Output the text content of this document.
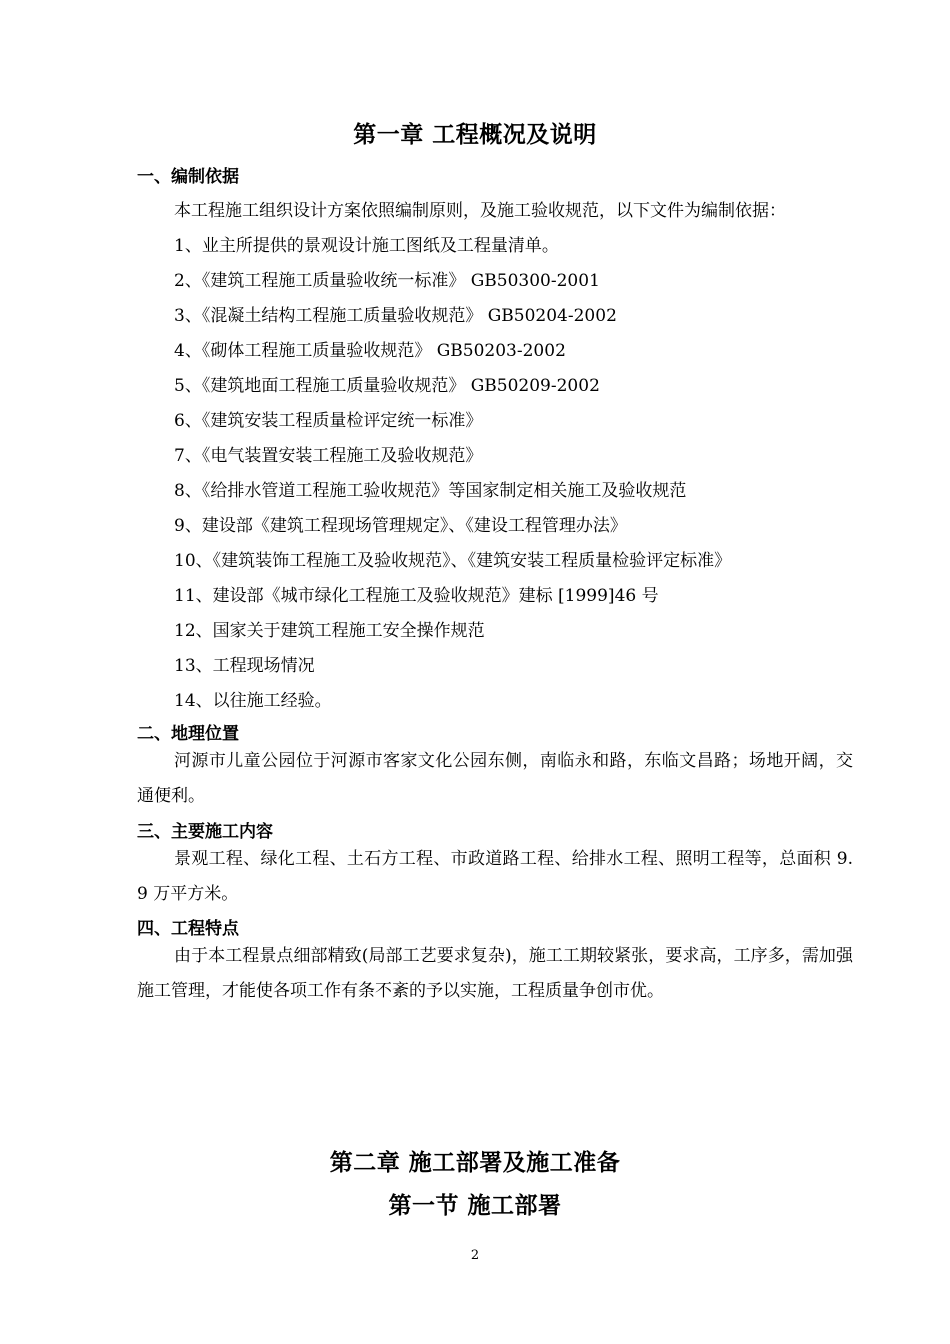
第一章 工程概况及说明
一、编制依据
本工程施工组织设计方案依照编制原则，及施工验收规范，以下文件为编制依据：
1、业主所提供的景观设计施工图纸及工程量清单。
2、《建筑工程施工质量验收统一标准》 GB50300-2001
3、《混凝土结构工程施工质量验收规范》 GB50204-2002
4、《砌体工程施工质量验收规范》 GB50203-2002
5、《建筑地面工程施工质量验收规范》 GB50209-2002
6、《建筑安装工程质量检评定统一标准》
7、《电气装置安装工程施工及验收规范》
8、《给排水管道工程施工验收规范》等国家制定相关施工及验收规范
9、建设部《建筑工程现场管理规定》、《建设工程管理办法》
10、《建筑装饰工程施工及验收规范》、《建筑安装工程质量检验评定标准》
11、建设部《城市绿化工程施工及验收规范》建标 [1999]46 号
12、国家关于建筑工程施工安全操作规范
13、工程现场情况
14、以往施工经验。
二、地理位置
河源市儿童公园位于河源市客家文化公园东侧，南临永和路，东临文昌路；场地开阔，交通便利。
三、主要施工内容
景观工程、绿化工程、土石方工程、市政道路工程、给排水工程、照明工程等，总面积 9. 9 万平方米。
四、工程特点
由于本工程景点细部精致(局部工艺要求复杂)，施工工期较紧张，要求高，工序多，需加强施工管理，才能使各项工作有条不紊的予以实施，工程质量争创市优。
第二章 施工部署及施工准备
第一节 施工部署
2
